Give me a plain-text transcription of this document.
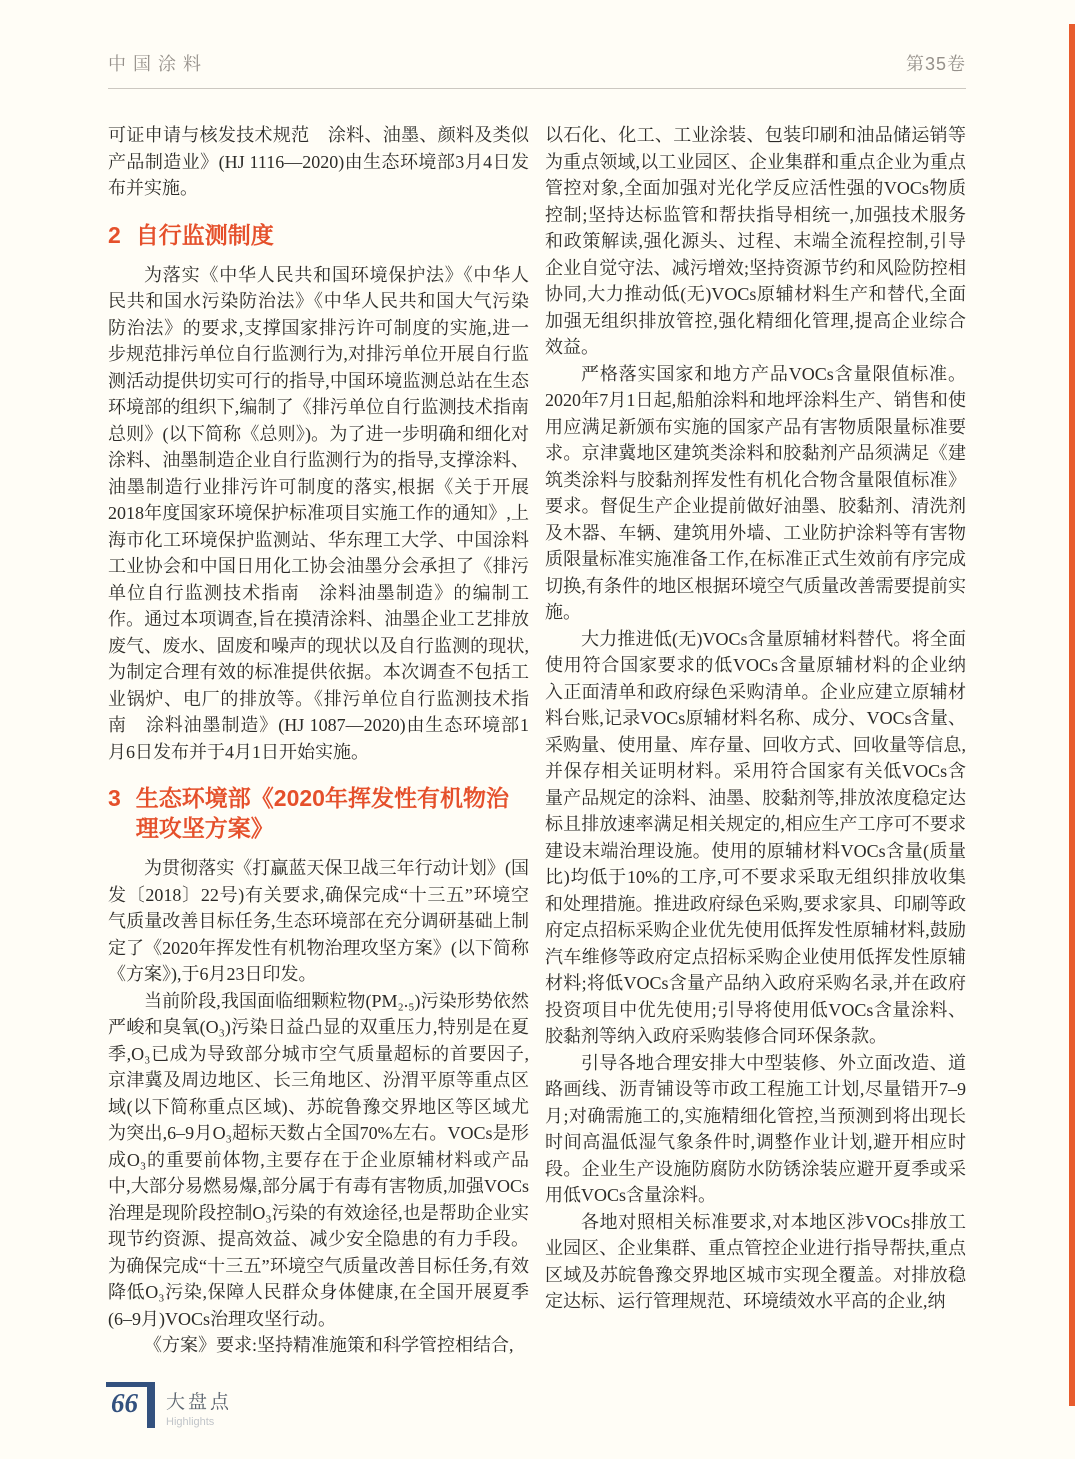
中国涂料	第35卷

可证申请与核发技术规范　涂料、油墨、颜料及类似产品制造业》(HJ 1116—2020)由生态环境部3月4日发布并实施。

2 自行监测制度

为落实《中华人民共和国环境保护法》《中华人民共和国水污染防治法》《中华人民共和国大气污染防治法》的要求,支撑国家排污许可制度的实施,进一步规范排污单位自行监测行为,对排污单位开展自行监测活动提供切实可行的指导,中国环境监测总站在生态环境部的组织下,编制了《排污单位自行监测技术指南总则》(以下简称《总则》)。为了进一步明确和细化对涂料、油墨制造企业自行监测行为的指导,支撑涂料、油墨制造行业排污许可制度的落实,根据《关于开展2018年度国家环境保护标准项目实施工作的通知》,上海市化工环境保护监测站、华东理工大学、中国涂料工业协会和中国日用化工协会油墨分会承担了《排污单位自行监测技术指南　涂料油墨制造》的编制工作。通过本项调查,旨在摸清涂料、油墨企业工艺排放废气、废水、固废和噪声的现状以及自行监测的现状,为制定合理有效的标准提供依据。本次调查不包括工业锅炉、电厂的排放等。《排污单位自行监测技术指南　涂料油墨制造》(HJ 1087—2020)由生态环境部1月6日发布并于4月1日开始实施。

3 生态环境部《2020年挥发性有机物治理攻坚方案》

为贯彻落实《打赢蓝天保卫战三年行动计划》(国发〔2018〕22号)有关要求,确保完成“十三五”环境空气质量改善目标任务,生态环境部在充分调研基础上制定了《2020年挥发性有机物治理攻坚方案》(以下简称《方案》),于6月23日印发。

当前阶段,我国面临细颗粒物(PM₂.₅)污染形势依然严峻和臭氧(O₃)污染日益凸显的双重压力,特别是在夏季,O₃已成为导致部分城市空气质量超标的首要因子,京津冀及周边地区、长三角地区、汾渭平原等重点区域(以下简称重点区域)、苏皖鲁豫交界地区等区域尤为突出,6–9月O₃超标天数占全国70%左右。VOCs是形成O₃的重要前体物,主要存在于企业原辅材料或产品中,大部分易燃易爆,部分属于有毒有害物质,加强VOCs治理是现阶段控制O₃污染的有效途径,也是帮助企业实现节约资源、提高效益、减少安全隐患的有力手段。为确保完成“十三五”环境空气质量改善目标任务,有效降低O₃污染,保障人民群众身体健康,在全国开展夏季(6–9月)VOCs治理攻坚行动。

《方案》要求:坚持精准施策和科学管控相结合,

以石化、化工、工业涂装、包装印刷和油品储运销等为重点领域,以工业园区、企业集群和重点企业为重点管控对象,全面加强对光化学反应活性强的VOCs物质控制;坚持达标监管和帮扶指导相统一,加强技术服务和政策解读,强化源头、过程、末端全流程控制,引导企业自觉守法、减污增效;坚持资源节约和风险防控相协同,大力推动低(无)VOCs原辅材料生产和替代,全面加强无组织排放管控,强化精细化管理,提高企业综合效益。

严格落实国家和地方产品VOCs含量限值标准。2020年7月1日起,船舶涂料和地坪涂料生产、销售和使用应满足新颁布实施的国家产品有害物质限量标准要求。京津冀地区建筑类涂料和胶黏剂产品须满足《建筑类涂料与胶黏剂挥发性有机化合物含量限值标准》要求。督促生产企业提前做好油墨、胶黏剂、清洗剂及木器、车辆、建筑用外墙、工业防护涂料等有害物质限量标准实施准备工作,在标准正式生效前有序完成切换,有条件的地区根据环境空气质量改善需要提前实施。

大力推进低(无)VOCs含量原辅材料替代。将全面使用符合国家要求的低VOCs含量原辅材料的企业纳入正面清单和政府绿色采购清单。企业应建立原辅材料台账,记录VOCs原辅材料名称、成分、VOCs含量、采购量、使用量、库存量、回收方式、回收量等信息,并保存相关证明材料。采用符合国家有关低VOCs含量产品规定的涂料、油墨、胶黏剂等,排放浓度稳定达标且排放速率满足相关规定的,相应生产工序可不要求建设末端治理设施。使用的原辅材料VOCs含量(质量比)均低于10%的工序,可不要求采取无组织排放收集和处理措施。推进政府绿色采购,要求家具、印刷等政府定点招标采购企业优先使用低挥发性原辅材料,鼓励汽车维修等政府定点招标采购企业使用低挥发性原辅材料;将低VOCs含量产品纳入政府采购名录,并在政府投资项目中优先使用;引导将使用低VOCs含量涂料、胶黏剂等纳入政府采购装修合同环保条款。

引导各地合理安排大中型装修、外立面改造、道路画线、沥青铺设等市政工程施工计划,尽量错开7–9月;对确需施工的,实施精细化管控,当预测到将出现长时间高温低湿气象条件时,调整作业计划,避开相应时段。企业生产设施防腐防水防锈涂装应避开夏季或采用低VOCs含量涂料。

各地对照相关标准要求,对本地区涉VOCs排放工业园区、企业集群、重点管控企业进行指导帮扶,重点区域及苏皖鲁豫交界地区城市实现全覆盖。对排放稳定达标、运行管理规范、环境绩效水平高的企业,纳

66	大盘点
Highlights
